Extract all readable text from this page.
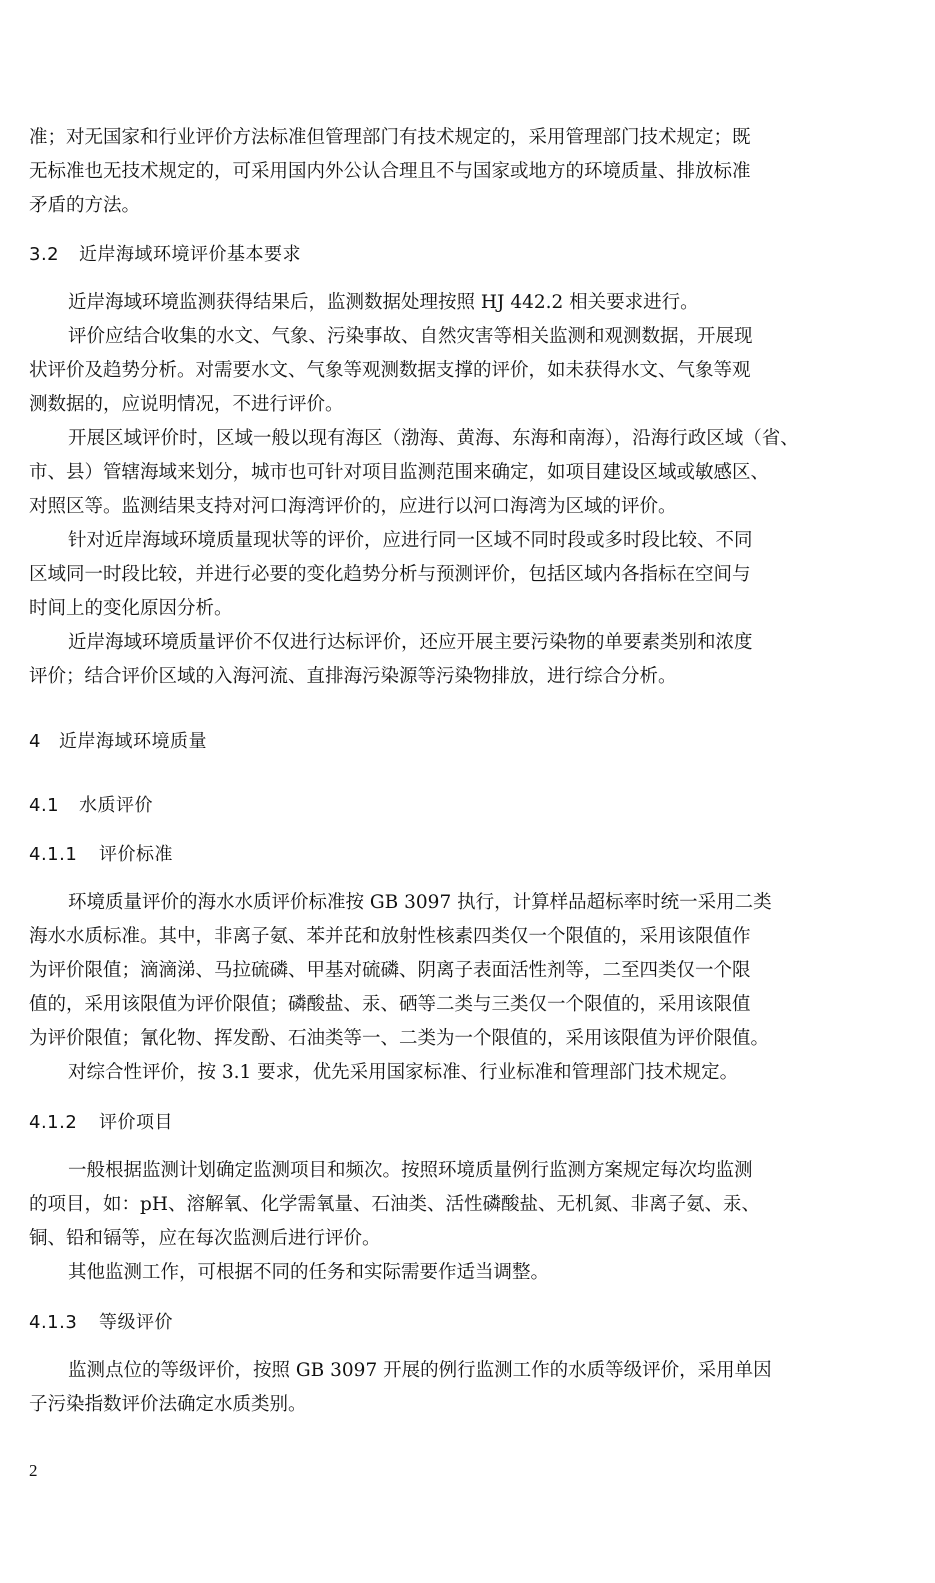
准；对无国家和行业评价方法标准但管理部门有技术规定的，采用管理部门技术规定；既
无标准也无技术规定的，可采用国内外公认合理且不与国家或地方的环境质量、排放标准
矛盾的方法。
3.2 近岸海域环境评价基本要求
近岸海域环境监测获得结果后，监测数据处理按照 HJ 442.2 相关要求进行。
评价应结合收集的水文、气象、污染事故、自然灾害等相关监测和观测数据，开展现
状评价及趋势分析。对需要水文、气象等观测数据支撑的评价，如未获得水文、气象等观
测数据的，应说明情况，不进行评价。
开展区域评价时，区域一般以现有海区（渤海、黄海、东海和南海），沿海行政区域（省、
市、县）管辖海域来划分，城市也可针对项目监测范围来确定，如项目建设区域或敏感区、
对照区等。监测结果支持对河口海湾评价的，应进行以河口海湾为区域的评价。
针对近岸海域环境质量现状等的评价，应进行同一区域不同时段或多时段比较、不同
区域同一时段比较，并进行必要的变化趋势分析与预测评价，包括区域内各指标在空间与
时间上的变化原因分析。
近岸海域环境质量评价不仅进行达标评价，还应开展主要污染物的单要素类别和浓度
评价；结合评价区域的入海河流、直排海污染源等污染物排放，进行综合分析。
4 近岸海域环境质量
4.1 水质评价
4.1.1 评价标准
环境质量评价的海水水质评价标准按 GB 3097 执行，计算样品超标率时统一采用二类
海水水质标准。其中，非离子氨、苯并芘和放射性核素四类仅一个限值的，采用该限值作
为评价限值；滴滴涕、马拉硫磷、甲基对硫磷、阴离子表面活性剂等，二至四类仅一个限
值的，采用该限值为评价限值；磷酸盐、汞、硒等二类与三类仅一个限值的，采用该限值
为评价限值；氰化物、挥发酚、石油类等一、二类为一个限值的，采用该限值为评价限值。
对综合性评价，按 3.1 要求，优先采用国家标准、行业标准和管理部门技术规定。
4.1.2 评价项目
一般根据监测计划确定监测项目和频次。按照环境质量例行监测方案规定每次均监测
的项目，如：pH、溶解氧、化学需氧量、石油类、活性磷酸盐、无机氮、非离子氨、汞、
铜、铅和镉等，应在每次监测后进行评价。
其他监测工作，可根据不同的任务和实际需要作适当调整。
4.1.3 等级评价
监测点位的等级评价，按照 GB 3097 开展的例行监测工作的水质等级评价，采用单因
子污染指数评价法确定水质类别。
2
